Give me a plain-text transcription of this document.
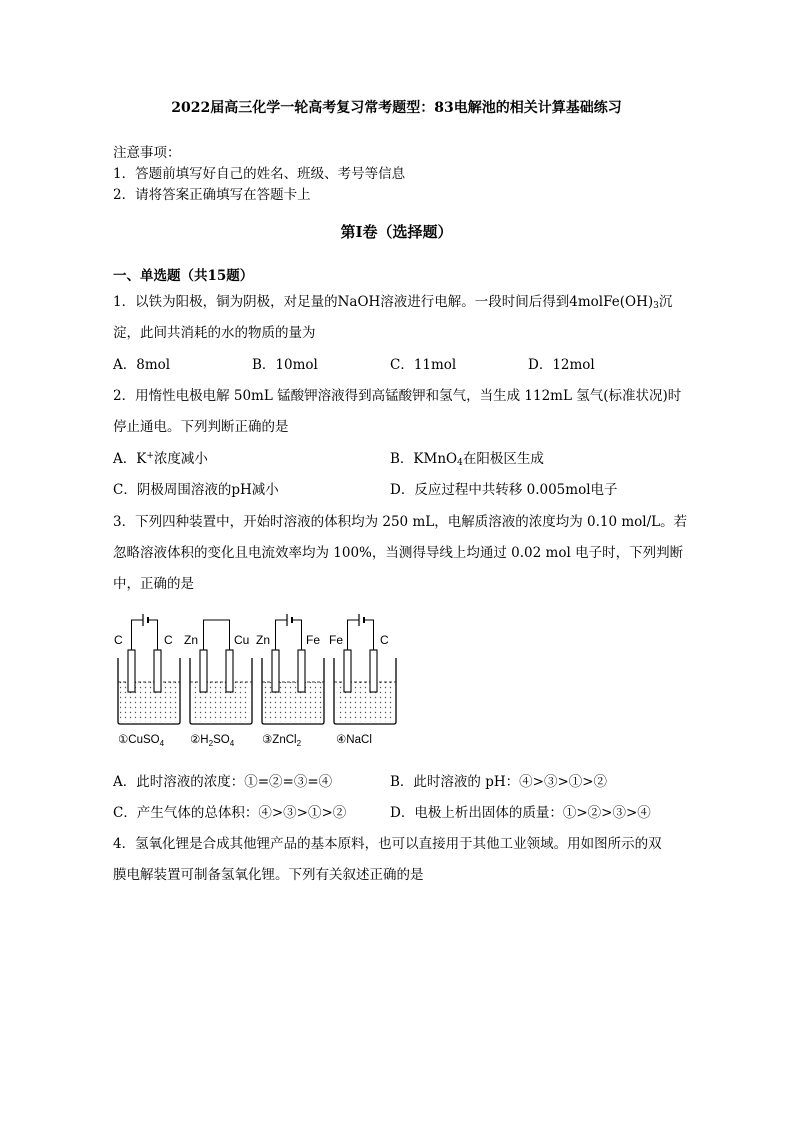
2022届高三化学一轮高考复习常考题型：83电解池的相关计算基础练习
注意事项：
1．答题前填写好自己的姓名、班级、考号等信息
2．请将答案正确填写在答题卡上
第I卷（选择题）
一、单选题（共15题）
1．以铁为阳极，铜为阴极，对足量的NaOH溶液进行电解。一段时间后得到$4molFe(OH)_3$沉
淀，此间共消耗的水的物质的量为
A．8mol	B．10mol	C．11mol	D．12mol
2．用惰性电极电解 50mL 锰酸钾溶液得到高锰酸钾和氢气，当生成 112mL 氢气(标准状况)时
停止通电。下列判断正确的是
A．K+浓度减小	B．KMnO$_4$在阳极区生成
C．阴极周围溶液的pH减小	D．反应过程中共转移 0.005mol电子
3．下列四种装置中，开始时溶液的体积均为 250 mL，电解质溶液的浓度均为 0.10 mol/L。若
忽略溶液体积的变化且电流效率均为 100%，当测得导线上均通过 0.02 mol 电子时，下列判断
中，正确的是
C	C
①CuSO$_4$
Zn	Cu
$②H_2SO_4$
Zn	Fe
③ZnCl$_2$
Fe	C
④NaCl
A．此时溶液的浓度：①=②=③=④	B．此时溶液的 pH：④>③>①>②
C．产生气体的总体积：④>③>①>②	D．电极上析出固体的质量：①>②>③>④
4．氢氧化锂是合成其他锂产品的基本原料，也可以直接用于其他工业领域。用如图所示的双
膜电解装置可制备氢氧化锂。下列有关叙述正确的是
